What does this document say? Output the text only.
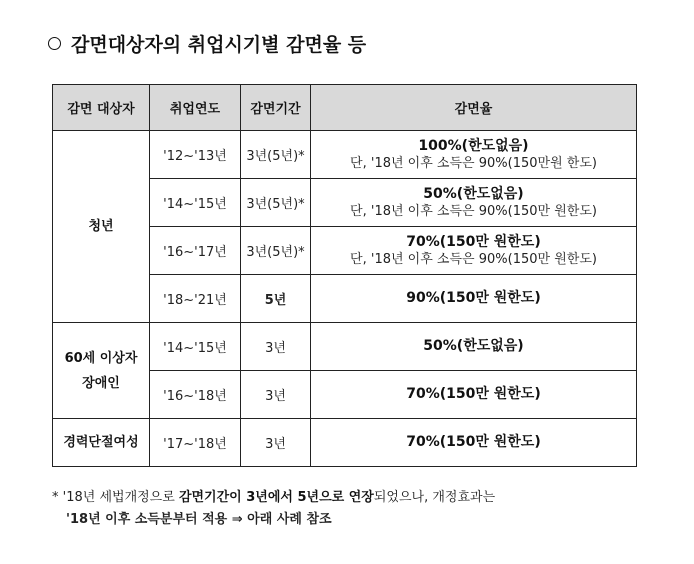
감면대상자의 취업시기별 감면율 등
감면 대상자	취업연도	감면기간	감면율
청년	'12~'13년	3년(5년)*	100%(한도없음)
단, '18년 이후 소득은 90%(150만원 한도)

	'14~'15년	3년(5년)*	50%(한도없음)
단, '18년 이후 소득은 90%(150만 원한도)

	'16~'17년	3년(5년)*	70%(150만 원한도)
단, '18년 이후 소득은 90%(150만 원한도)

	'18~'21년	5년	90%(150만 원한도)

60세 이상자
장애인	'14~'15년	3년	50%(한도없음)

	'16~'18년	3년	70%(150만 원한도)

경력단절여성	'17~'18년	3년	70%(150만 원한도)
* '18년 세법개정으로 감면기간이 3년에서 5년으로 연장되었으나, 개정효과는
'18년 이후 소득분부터 적용 ⇒ 아래 사례 참조
